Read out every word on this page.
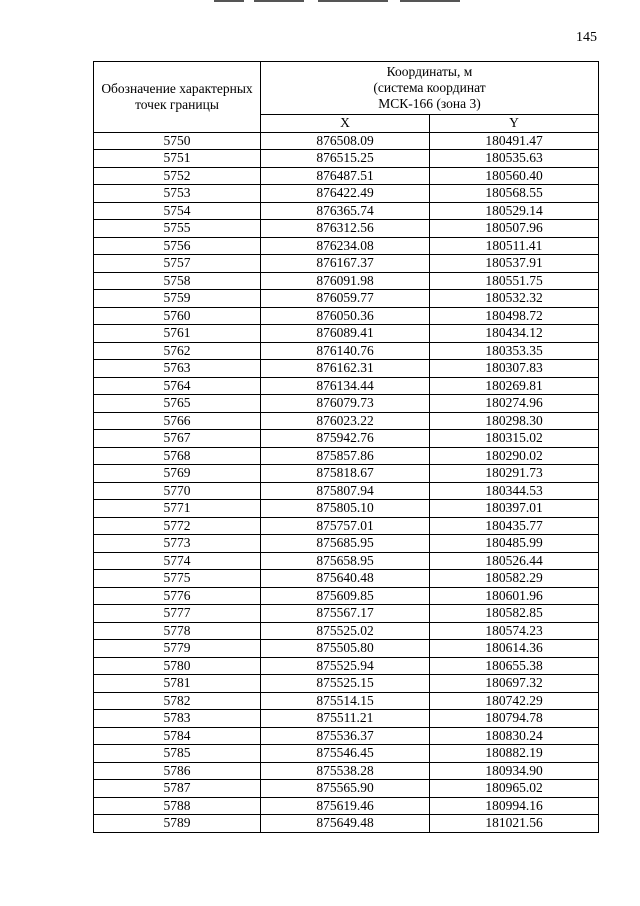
145
Обозначение характерных точек границы	Координаты, м
(система координат
МСК-166 (зона 3)	

	X	Y
5750	876508.09	180491.47
5751	876515.25	180535.63
5752	876487.51	180560.40
5753	876422.49	180568.55
5754	876365.74	180529.14
5755	876312.56	180507.96
5756	876234.08	180511.41
5757	876167.37	180537.91
5758	876091.98	180551.75
5759	876059.77	180532.32
5760	876050.36	180498.72
5761	876089.41	180434.12
5762	876140.76	180353.35
5763	876162.31	180307.83
5764	876134.44	180269.81
5765	876079.73	180274.96
5766	876023.22	180298.30
5767	875942.76	180315.02
5768	875857.86	180290.02
5769	875818.67	180291.73
5770	875807.94	180344.53
5771	875805.10	180397.01
5772	875757.01	180435.77
5773	875685.95	180485.99
5774	875658.95	180526.44
5775	875640.48	180582.29
5776	875609.85	180601.96
5777	875567.17	180582.85
5778	875525.02	180574.23
5779	875505.80	180614.36
5780	875525.94	180655.38
5781	875525.15	180697.32
5782	875514.15	180742.29
5783	875511.21	180794.78
5784	875536.37	180830.24
5785	875546.45	180882.19
5786	875538.28	180934.90
5787	875565.90	180965.02
5788	875619.46	180994.16
5789	875649.48	181021.56
